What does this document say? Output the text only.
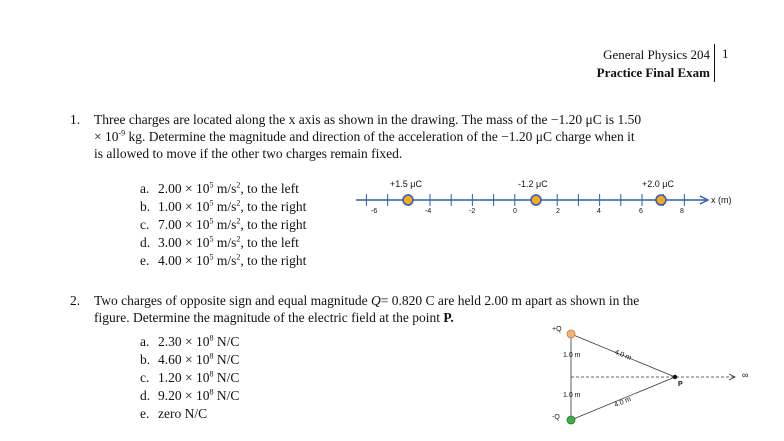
General Physics 204
Practice Final Exam
1
1. Three charges are located along the x axis as shown in the drawing. The mass of the −1.20 μC is 1.50
× $10^{-9}$ kg. Determine the magnitude and direction of the acceleration of the −1.20 μC charge when it
is allowed to move if the other two charges remain fixed.
a. $2.00 \times 10^5$ $m/s^2$, to the left
b. $1.00 \times 10^5$ $m/s^2$, to the right
c. $7.00 \times 10^5$ $m/s^2$, to the right
d. $3.00 \times 10^5$ $m/s^2$, to the left
e. $4.00 \times 10^5$ $m/s^2$, to the right
+1.5 μC	-1.2 μC	+2.0 μC
x (m)
-6	-4	-2	0	2	4	6	8
2. Two charges of opposite sign and equal magnitude Q= 0.820 C are held 2.00 m apart as shown in the
figure. Determine the magnitude of the electric field at the point P.
a. $2.30 \times 10^8$ N/C
b. $4.60 \times 10^8$ N/C
c. $1.20 \times 10^8$ N/C
d. $9.20 \times 10^8$ N/C
e. zero N/C
+Q
-Q
1.0 m
1.0 m
4.0 m
4.0 m
P
∞
